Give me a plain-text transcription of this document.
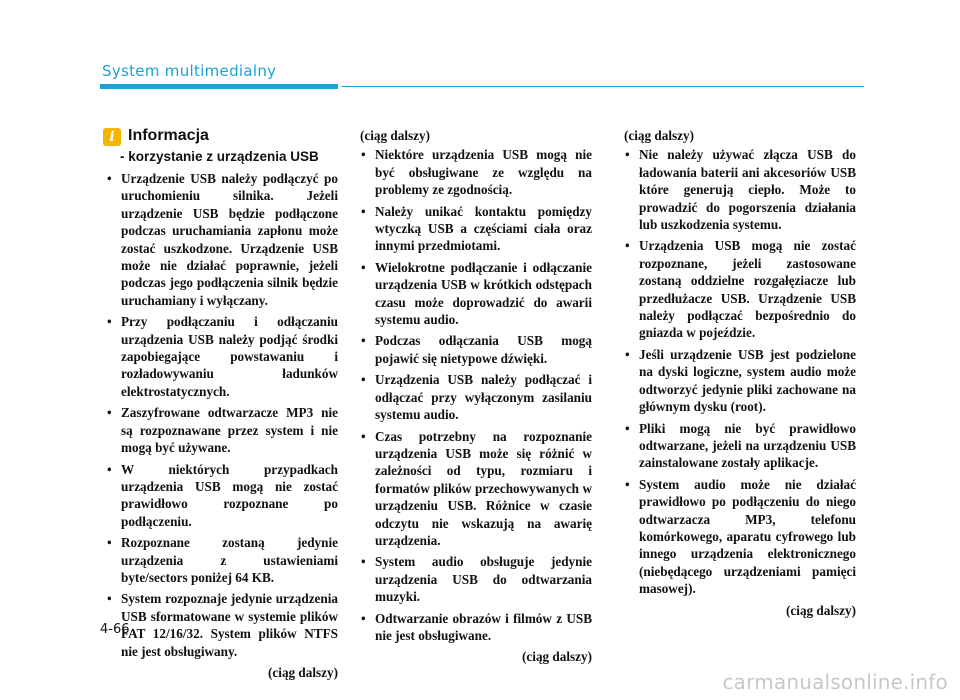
System multimedialny
i Informacja
- korzystanie z urządzenia USB
• Urządzenie USB należy podłączyć po uruchomieniu silnika. Jeżeli urządzenie USB będzie podłączone podczas uruchamiania zapłonu może zostać uszkodzone. Urządzenie USB może nie działać poprawnie, jeżeli podczas jego podłączenia silnik będzie uruchamiany i wyłączany.
• Przy podłączaniu i odłączaniu urządzenia USB należy podjąć środki zapobiegające powstawaniu i rozładowywaniu ładunków elektrostatycznych.
• Zaszyfrowane odtwarzacze MP3 nie są rozpoznawane przez system i nie mogą być używane.
• W niektórych przypadkach urządzenia USB mogą nie zostać prawidłowo rozpoznane po podłączeniu.
• Rozpoznane zostaną jedynie urządzenia z ustawieniami byte/sectors poniżej 64 KB.
• System rozpoznaje jedynie urządzenia USB sformatowane w systemie plików FAT 12/16/32. System plików NTFS nie jest obsługiwany.
(ciąg dalszy)
(ciąg dalszy)
• Niektóre urządzenia USB mogą nie być obsługiwane ze względu na problemy ze zgodnością.
• Należy unikać kontaktu pomiędzy wtyczką USB a częściami ciała oraz innymi przedmiotami.
• Wielokrotne podłączanie i odłączanie urządzenia USB w krótkich odstępach czasu może doprowadzić do awarii systemu audio.
• Podczas odłączania USB mogą pojawić się nietypowe dźwięki.
• Urządzenia USB należy podłączać i odłączać przy wyłączonym zasilaniu systemu audio.
• Czas potrzebny na rozpoznanie urządzenia USB może się różnić w zależności od typu, rozmiaru i formatów plików przechowywanych w urządzeniu USB. Różnice w czasie odczytu nie wskazują na awarię urządzenia.
• System audio obsługuje jedynie urządzenia USB do odtwarzania muzyki.
• Odtwarzanie obrazów i filmów z USB nie jest obsługiwane.
(ciąg dalszy)
(ciąg dalszy)
• Nie należy używać złącza USB do ładowania baterii ani akcesoriów USB które generują ciepło. Może to prowadzić do pogorszenia działania lub uszkodzenia systemu.
• Urządzenia USB mogą nie zostać rozpoznane, jeżeli zastosowane zostaną oddzielne rozgałęziacze lub przedłużacze USB. Urządzenie USB należy podłączać bezpośrednio do gniazda w pojeździe.
• Jeśli urządzenie USB jest podzielone na dyski logiczne, system audio może odtworzyć jedynie pliki zachowane na głównym dysku (root).
• Pliki mogą nie być prawidłowo odtwarzane, jeżeli na urządzeniu USB zainstalowane zostały aplikacje.
• System audio może nie działać prawidłowo po podłączeniu do niego odtwarzacza MP3, telefonu komórkowego, aparatu cyfrowego lub innego urządzenia elektronicznego (niebędącego urządzeniami pamięci masowej).
(ciąg dalszy)
4-66
carmanualsonline.info
